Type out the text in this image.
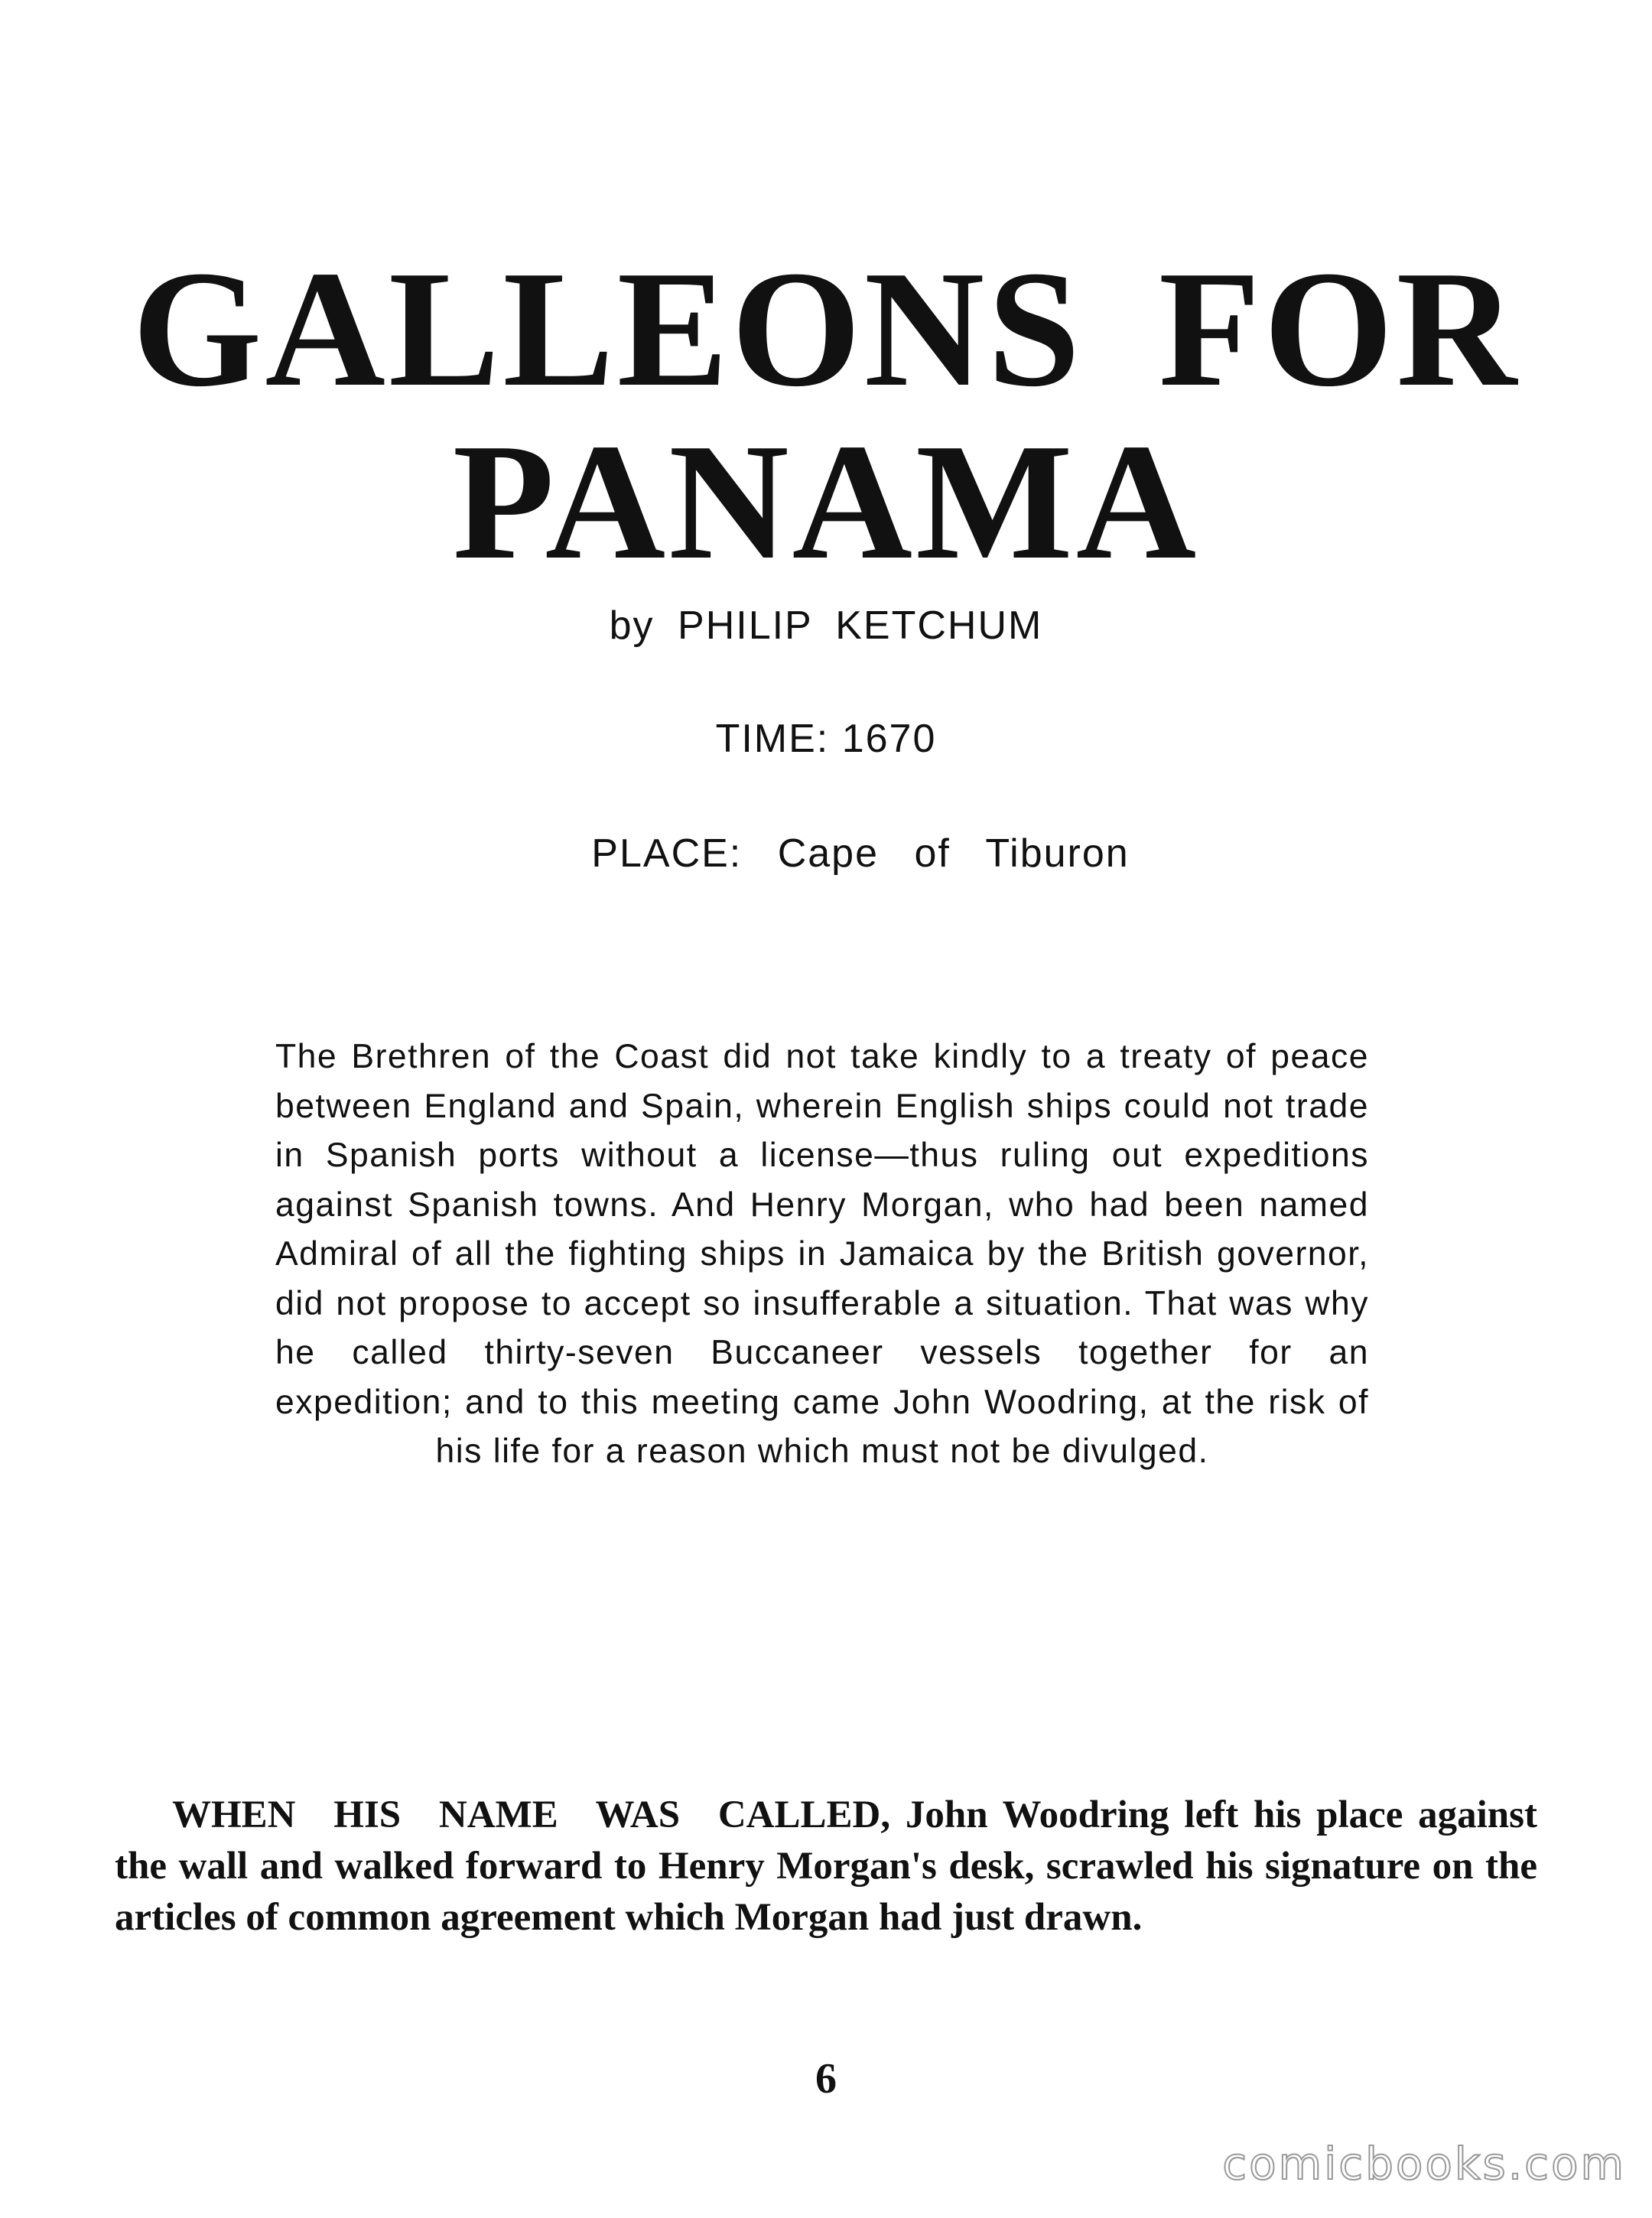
GALLEONS FOR
PANAMA
by PHILIP KETCHUM
TIME: 1670
PLACE: Cape of Tiburon

The Brethren of the Coast did not take kindly to a treaty of peace between England and Spain, wherein English ships could not trade in Spanish ports without a license—thus ruling out expeditions against Spanish towns. And Henry Morgan, who had been named Admiral of all the fighting ships in Jamaica by the British governor, did not propose to accept so insufferable a situation. That was why he called thirty-seven Buccaneer vessels together for an expedition; and to this meeting came John Woodring, at the risk of his life for a reason which must not be divulged.

WHEN HIS NAME WAS CALLED, John Woodring left his place against the wall and walked forward to Henry Morgan's desk, scrawled his signature on the articles of common agreement which Morgan had just drawn.

6
comicbooks.com
